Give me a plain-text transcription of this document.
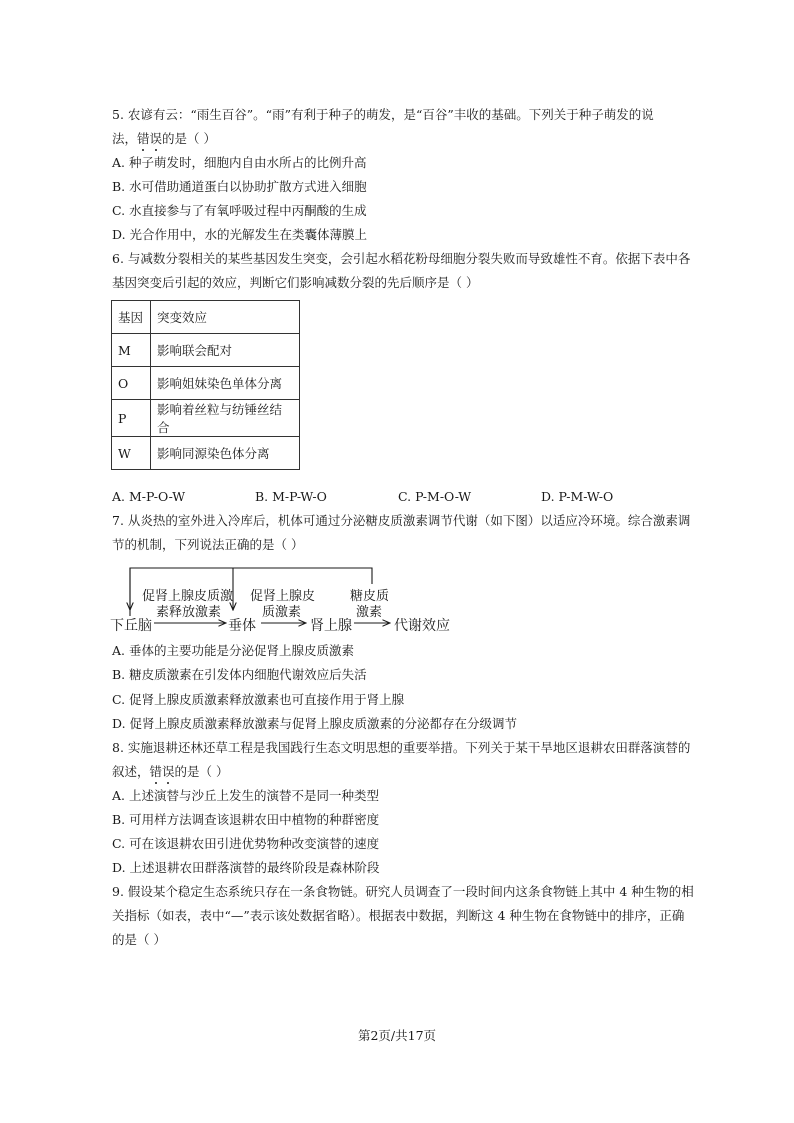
5. 农谚有云：“雨生百谷”。“雨”有利于种子的萌发，是“百谷”丰收的基础。下列关于种子萌发的说
法，错误的是（ ）
A. 种子萌发时，细胞内自由水所占的比例升高
B. 水可借助通道蛋白以协助扩散方式进入细胞
C. 水直接参与了有氧呼吸过程中丙酮酸的生成
D. 光合作用中，水的光解发生在类囊体薄膜上
6. 与减数分裂相关的某些基因发生突变，会引起水稻花粉母细胞分裂失败而导致雄性不育。依据下表中各
基因突变后引起的效应，判断它们影响减数分裂的先后顺序是（ ）
基因	突变效应
M	影响联会配对
O	影响姐妹染色单体分离
P	影响着丝粒与纺锤丝结合
W	影响同源染色体分离
A. M-P-O-W	B. M-P-W-O	C. P-M-O-W	D. P-M-W-O
7. 从炎热的室外进入冷库后，机体可通过分泌糖皮质激素调节代谢（如下图）以适应冷环境。综合激素调
节的机制，下列说法正确的是（ ）
促肾上腺皮质激
素释放激素
促肾上腺皮
质激素
糖皮质
激素
下丘脑	垂体	肾上腺	代谢效应
A. 垂体的主要功能是分泌促肾上腺皮质激素
B. 糖皮质激素在引发体内细胞代谢效应后失活
C. 促肾上腺皮质激素释放激素也可直接作用于肾上腺
D. 促肾上腺皮质激素释放激素与促肾上腺皮质激素的分泌都存在分级调节
8. 实施退耕还林还草工程是我国践行生态文明思想的重要举措。下列关于某干旱地区退耕农田群落演替的
叙述，错误的是（ ）
A. 上述演替与沙丘上发生的演替不是同一种类型
B. 可用样方法调查该退耕农田中植物的种群密度
C. 可在该退耕农田引进优势物种改变演替的速度
D. 上述退耕农田群落演替的最终阶段是森林阶段
9. 假设某个稳定生态系统只存在一条食物链。研究人员调查了一段时间内这条食物链上其中 4 种生物的相
关指标（如表，表中“—”表示该处数据省略）。根据表中数据，判断这 4 种生物在食物链中的排序，正确
的是（ ）
第2页/共17页
